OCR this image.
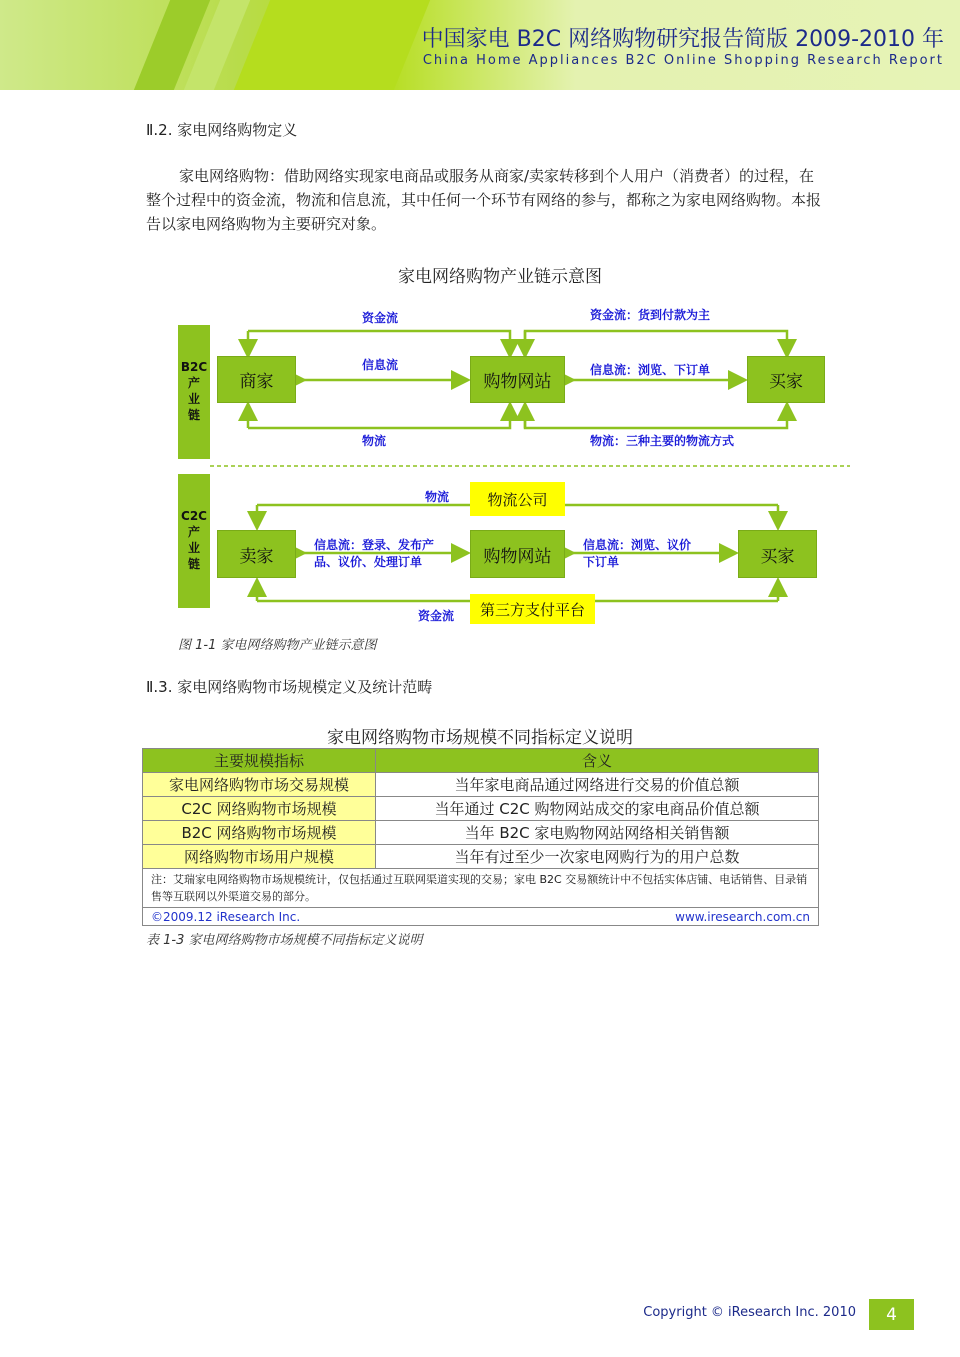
中国家电 B2C 网络购物研究报告简版 2009-2010 年
China Home Appliances B2C Online Shopping Research Report
Ⅱ.2. 家电网络购物定义
家电网络购物：借助网络实现家电商品或服务从商家/卖家转移到个人用户（消费者）的过程，在整个过程中的资金流，物流和信息流，其中任何一个环节有网络的参与，都称之为家电网络购物。本报告以家电网络购物为主要研究对象。
家电网络购物产业链示意图
B2C
产
业
链
商家	购物网站	买家
资金流
信息流
物流
资金流：货到付款为主
信息流：浏览、下订单
物流：三种主要的物流方式
C2C
产
业
链	卖家	购物网站	买家
物流公司
第三方支付平台
物流
资金流
信息流：登录、发布产
品、议价、处理订单
信息流：浏览、议价
下订单
图 1-1 家电网络购物产业链示意图
Ⅱ.3. 家电网络购物市场规模定义及统计范畴
家电网络购物市场规模不同指标定义说明
主要规模指标	含义
家电网络购物市场交易规模	当年家电商品通过网络进行交易的价值总额
C2C 网络购物市场规模	当年通过 C2C 购物网站成交的家电商品价值总额
B2C 网络购物市场规模	当年 B2C 家电购物网站网络相关销售额
网络购物市场用户规模	当年有过至少一次家电网购行为的用户总数
注：艾瑞家电网络购物市场规模统计，仅包括通过互联网渠道实现的交易；家电 B2C 交易额统计中不包括实体店铺、电话销售、目录销售等互联网以外渠道交易的部分。	

©2009.12 iResearch Inc. www.iresearch.com.cn	
表 1-3 家电网络购物市场规模不同指标定义说明
Copyright © iResearch Inc. 2010	4
